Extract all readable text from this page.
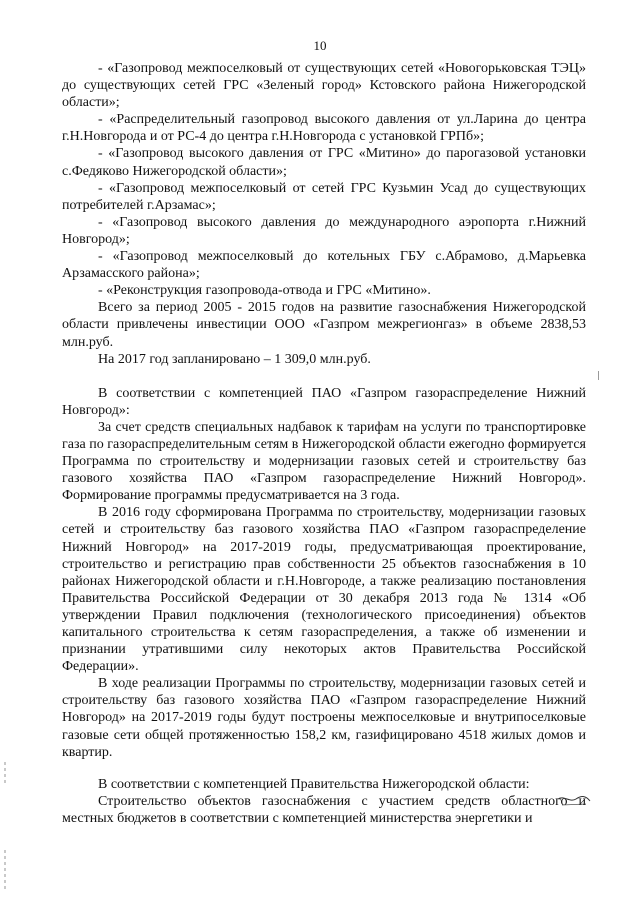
10

- «Газопровод межпоселковый от существующих сетей «Новогорьковская ТЭЦ» до существующих сетей ГРС «Зеленый город» Кстовского района Нижегородской области»;

- «Распределительный газопровод высокого давления от ул.Ларина до центра г.Н.Новгорода и от РС-4 до центра г.Н.Новгорода с установкой ГРПб»;

- «Газопровод высокого давления от ГРС «Митино» до парогазовой установки с.Федяково Нижегородской области»;

- «Газопровод межпоселковый от сетей ГРС Кузьмин Усад до существующих потребителей г.Арзамас»;

- «Газопровод высокого давления до международного аэропорта г.Нижний Новгород»;

- «Газопровод межпоселковый до котельных ГБУ с.Абрамово, д.Марьевка Арзамасского района»;

- «Реконструкция газопровода-отвода и ГРС «Митино».

Всего за период 2005 - 2015 годов на развитие газоснабжения Нижегородской области привлечены инвестиции ООО «Газпром межрегионгаз» в объеме 2838,53 млн.руб.

На 2017 год запланировано – 1 309,0 млн.руб.

В соответствии с компетенцией ПАО «Газпром газораспределение Нижний Новгород»:

За счет средств специальных надбавок к тарифам на услуги по транспортировке газа по газораспределительным сетям в Нижегородской области ежегодно формируется Программа по строительству и модернизации газовых сетей и строительству баз газового хозяйства ПАО «Газпром газораспределение Нижний Новгород». Формирование программы предусматривается на 3 года.

В 2016 году сформирована Программа по строительству, модернизации газовых сетей и строительству баз газового хозяйства ПАО «Газпром газораспределение Нижний Новгород» на 2017-2019 годы, предусматривающая проектирование, строительство и регистрацию прав собственности 25 объектов газоснабжения в 10 районах Нижегородской области и г.Н.Новгороде, а также реализацию постановления Правительства Российской Федерации от 30 декабря 2013 года № 1314 «Об утверждении Правил подключения (технологического присоединения) объектов капитального строительства к сетям газораспределения, а также об изменении и признании утратившими силу некоторых актов Правительства Российской Федерации».

В ходе реализации Программы по строительству, модернизации газовых сетей и строительству баз газового хозяйства ПАО «Газпром газораспределение Нижний Новгород» на 2017-2019 годы будут построены межпоселковые и внутрипоселковые газовые сети общей протяженностью 158,2 км, газифицировано 4518 жилых домов и квартир.

В соответствии с компетенцией Правительства Нижегородской области:

Строительство объектов газоснабжения с участием средств областного и местных бюджетов в соответствии с компетенцией министерства энергетики и
